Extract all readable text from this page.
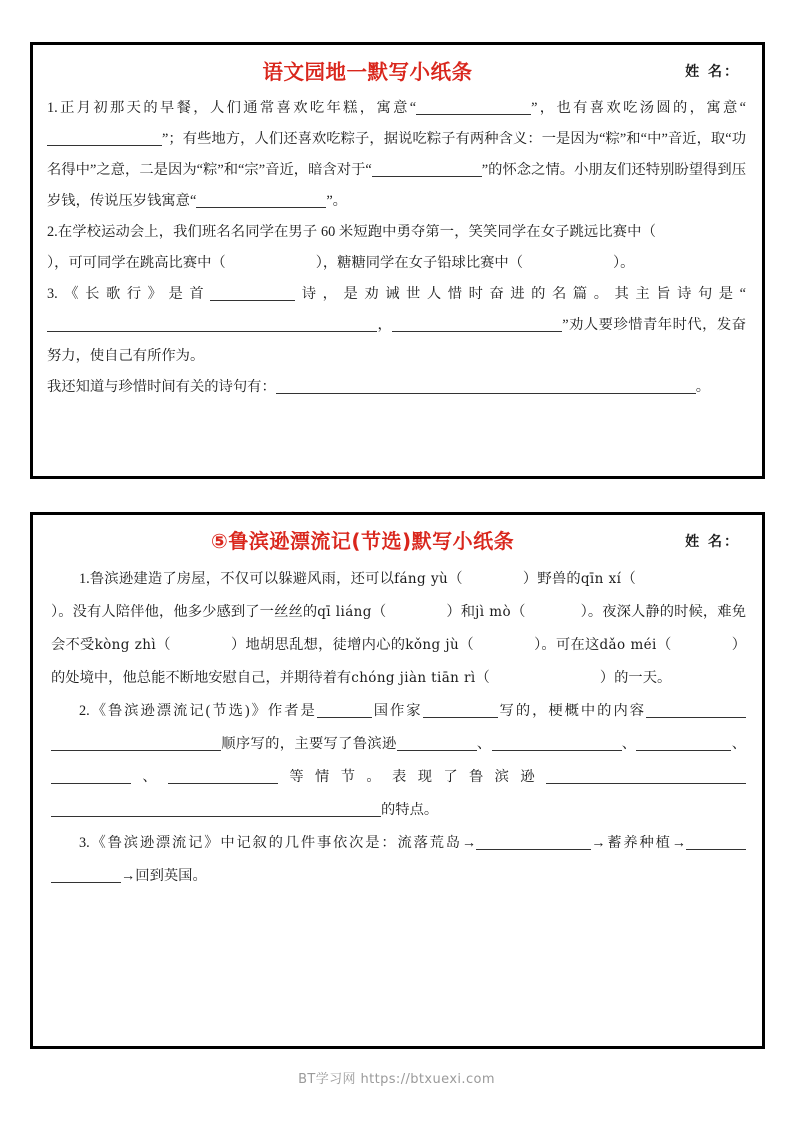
语文园地一默写小纸条	姓 名：

1.正月初那天的早餐，人们通常喜欢吃年糕，寓意“	”，也有喜欢吃汤圆的，寓意“”；有些地方，人们还喜欢吃粽子，据说吃粽子有两种含义：一是因为“粽”和“中”音近，取“功名得中”之意，二是因为“粽”和“宗”音近，暗含对于“	”的怀念之情。小朋友们还特别盼望得到压岁钱，传说压岁钱寓意“	”。

2.在学校运动会上，我们班名名同学在男子 60 米短跑中勇夺第一，笑笑同学在女子跳远比赛中（），可可同学在跳高比赛中（	），糖糖同学在女子铅球比赛中（	）。

3.《长歌行》是首	诗，是劝诫世人惜时奋进的名篇。其主旨诗句是“，	”劝人要珍惜青年时代，发奋努力，使自己有所作为。

我还知道与珍惜时间有关的诗句有：	。

⑤鲁滨逊漂流记(节选)默写小纸条	姓 名：

1.鲁滨逊建造了房屋，不仅可以躲避风雨，还可以fáng yù（	）野兽的qīn xí（）。没有人陪伴他，他多少感到了一丝丝的qī liáng（	）和jì mò（	）。夜深人静的时候，难免会不受kòng zhì（	）地胡思乱想，徒增内心的kǒng jù（	）。可在这dǎo méi（	）的处境中，他总能不断地安慰自己，并期待着有chóng jiàn tiān rì（	）的一天。

2.《鲁滨逊漂流记(节选)》作者是	国作家	写的，梗概中的内容顺序写的，主要写了鲁滨逊	、	、	、、	等情节。表现了鲁滨逊的特点。

3.《鲁滨逊漂流记》中记叙的几件事依次是：流落荒岛→	→蓄养种植→→回到英国。

BT学习网 https://btxuexi.com
